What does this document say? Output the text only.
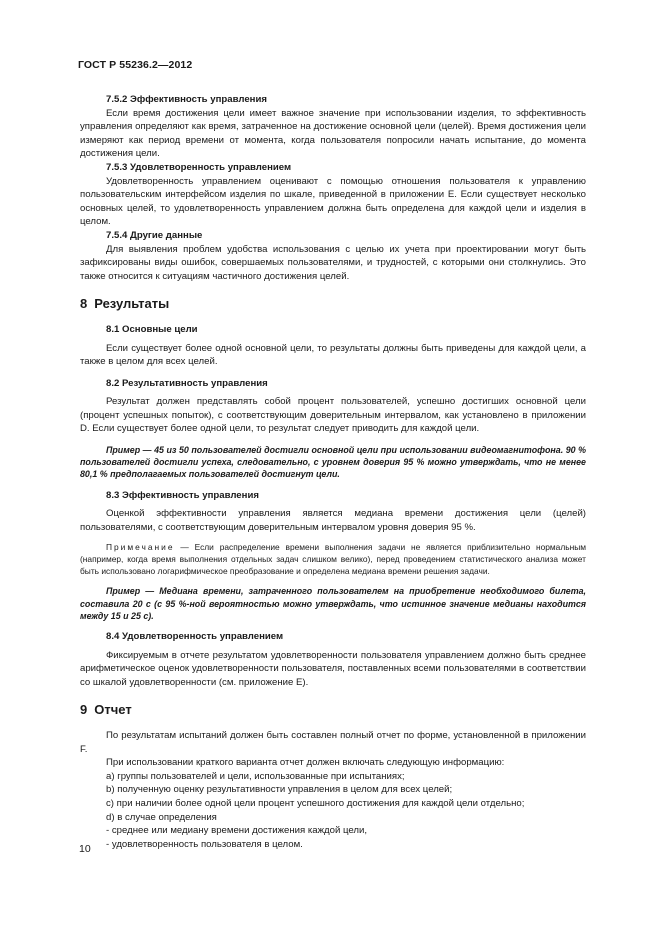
ГОСТ Р 55236.2—2012

7.5.2 Эффективность управления

Если время достижения цели имеет важное значение при использовании изделия, то эффективность управления определяют как время, затраченное на достижение основной цели (целей). Время достижения цели измеряют как период времени от момента, когда пользователя попросили начать испытание, до момента достижения цели.

7.5.3 Удовлетворенность управлением

Удовлетворенность управлением оценивают с помощью отношения пользователя к управлению пользовательским интерфейсом изделия по шкале, приведенной в приложении Е. Если существует несколько основных целей, то удовлетворенность управлением должна быть определена для каждой цели и изделия в целом.

7.5.4 Другие данные

Для выявления проблем удобства использования с целью их учета при проектировании могут быть зафиксированы виды ошибок, совершаемых пользователями, и трудностей, с которыми они столкнулись. Это также относится к ситуациям частичного достижения целей.

8 Результаты

8.1 Основные цели

Если существует более одной основной цели, то результаты должны быть приведены для каждой цели, а также в целом для всех целей.

8.2 Результативность управления

Результат должен представлять собой процент пользователей, успешно достигших основной цели (процент успешных попыток), с соответствующим доверительным интервалом, как установлено в приложении D. Если существует более одной цели, то результат следует приводить для каждой цели.

Пример — 45 из 50 пользователей достигли основной цели при использовании видеомагнитофона. 90 % пользователей достигли успеха, следовательно, с уровнем доверия 95 % можно утверждать, что не менее 80,1 % предполагаемых пользователей достигнут цели.

8.3 Эффективность управления

Оценкой эффективности управления является медиана времени достижения цели (целей) пользователями, с соответствующим доверительным интервалом уровня доверия 95 %.

Примечание — Если распределение времени выполнения задачи не является приблизительно нормальным (например, когда время выполнения отдельных задач слишком велико), перед проведением статистического анализа может быть использовано логарифмическое преобразование и определена медиана времени решения задачи.

Пример — Медиана времени, затраченного пользователем на приобретение необходимого билета, составила 20 с (с 95 %-ной вероятностью можно утверждать, что истинное значение медианы находится между 15 и 25 с).

8.4 Удовлетворенность управлением

Фиксируемым в отчете результатом удовлетворенности пользователя управлением должно быть среднее арифметическое оценок удовлетворенности пользователя, поставленных всеми пользователями в соответствии со шкалой удовлетворенности (см. приложение Е).

9 Отчет

По результатам испытаний должен быть составлен полный отчет по форме, установленной в приложении F.

При использовании краткого варианта отчет должен включать следующую информацию:

а) группы пользователей и цели, использованные при испытаниях;

b) полученную оценку результативности управления в целом для всех целей;

с) при наличии более одной цели процент успешного достижения для каждой цели отдельно;

d) в случае определения

- среднее или медиану времени достижения каждой цели,

- удовлетворенность пользователя в целом.

10
